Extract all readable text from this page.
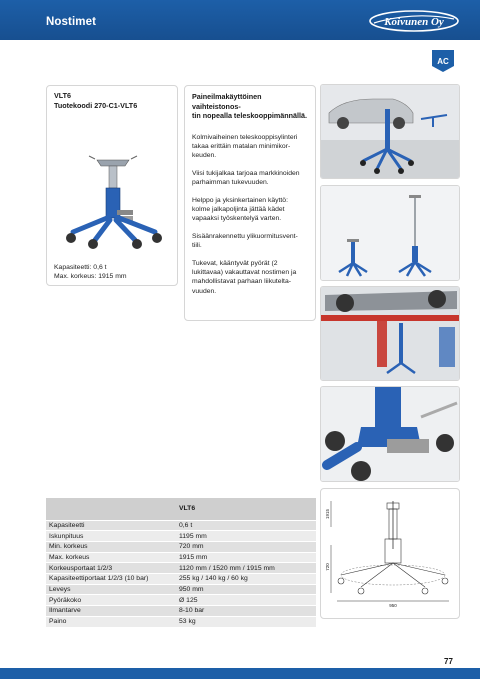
Nostimet	Koivunen Oy
AC
VLT6
Tuotekoodi 270-C1-VLT6
Kapasiteetti: 0,6 t
Max. korkeus: 1915 mm
Paineilmakäyttöinen vaihteistonos-
tin nopealla teleskooppimännällä.
Kolmivaiheinen teleskooppisylinteri
takaa erittäin matalan minimikor-
keuden.
Viisi tukijalkaa tarjoaa markkinoiden
parhaimman tukevuuden.
Helppo ja yksinkertainen käyttö:
kolme jalkapoljinta jättää kädet
vapaaksi työskentelyä varten.
Sisäänrakennettu ylikuormitusvent-
tiili.
Tukevat, kääntyvät pyörät (2
lukittavaa) vakauttavat nostimen ja
mahdollistavat parhaan liikutelta-
vuuden.
	VLT6
Kapasiteetti	0,6 t
Iskunpituus	1195 mm
Min. korkeus	720 mm
Max. korkeus	1915 mm
Korkeusportaat 1/2/3	1120 mm / 1520 mm / 1915 mm
Kapasiteettiportaat 1/2/3 (10 bar)	255 kg / 140 kg / 60 kg
Leveys	950 mm
Pyöräkoko	Ø 125
Ilmantarve	8-10 bar
Paino	53 kg
1915
720
950
77
